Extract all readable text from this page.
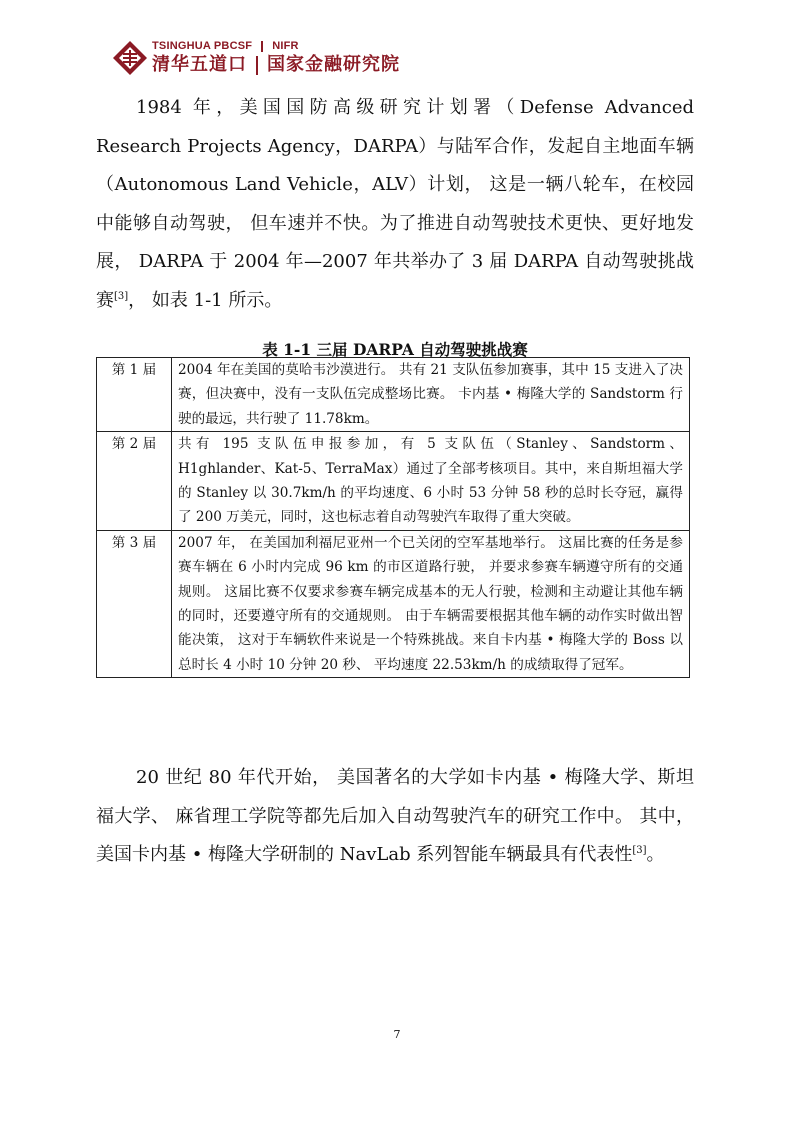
TSINGHUA PBCSF NIFR
清华五道口 国家金融研究院
1984 年，美国国防高级研究计划署（Defense Advanced Research Projects Agency，DARPA）与陆军合作，发起自主地面车辆（Autonomous Land Vehicle，ALV）计划， 这是一辆八轮车，在校园中能够自动驾驶， 但车速并不快。为了推进自动驾驶技术更快、更好地发展， DARPA 于 2004 年—2007 年共举办了 3 届 DARPA 自动驾驶挑战赛[3]， 如表 1-1 所示。
表 1-1 三届 DARPA 自动驾驶挑战赛
第 1 届	2004 年在美国的莫哈韦沙漠进行。 共有 21 支队伍参加赛事，其中 15 支进入了决赛，但决赛中，没有一支队伍完成整场比赛。 卡内基 • 梅隆大学的 Sandstorm 行驶的最远，共行驶了 11.78km。
第 2 届	共有 195 支队伍申报参加，有 5 支队伍（Stanley、Sandstorm、H1ghlander、Kat-5、TerraMax）通过了全部考核项目。其中，来自斯坦福大学的 Stanley 以 30.7km/h 的平均速度、6 小时 53 分钟 58 秒的总时长夺冠，赢得了 200 万美元，同时，这也标志着自动驾驶汽车取得了重大突破。
第 3 届	2007 年， 在美国加利福尼亚州一个已关闭的空军基地举行。 这届比赛的任务是参赛车辆在 6 小时内完成 96 km 的市区道路行驶， 并要求参赛车辆遵守所有的交通规则。 这届比赛不仅要求参赛车辆完成基本的无人行驶，检测和主动避让其他车辆的同时，还要遵守所有的交通规则。 由于车辆需要根据其他车辆的动作实时做出智能决策， 这对于车辆软件来说是一个特殊挑战。来自卡内基 • 梅隆大学的 Boss 以总时长 4 小时 10 分钟 20 秒、 平均速度 22.53km/h 的成绩取得了冠军。
20 世纪 80 年代开始， 美国著名的大学如卡内基 • 梅隆大学、斯坦福大学、 麻省理工学院等都先后加入自动驾驶汽车的研究工作中。 其中，美国卡内基 • 梅隆大学研制的 NavLab 系列智能车辆最具有代表性[3]。
7
